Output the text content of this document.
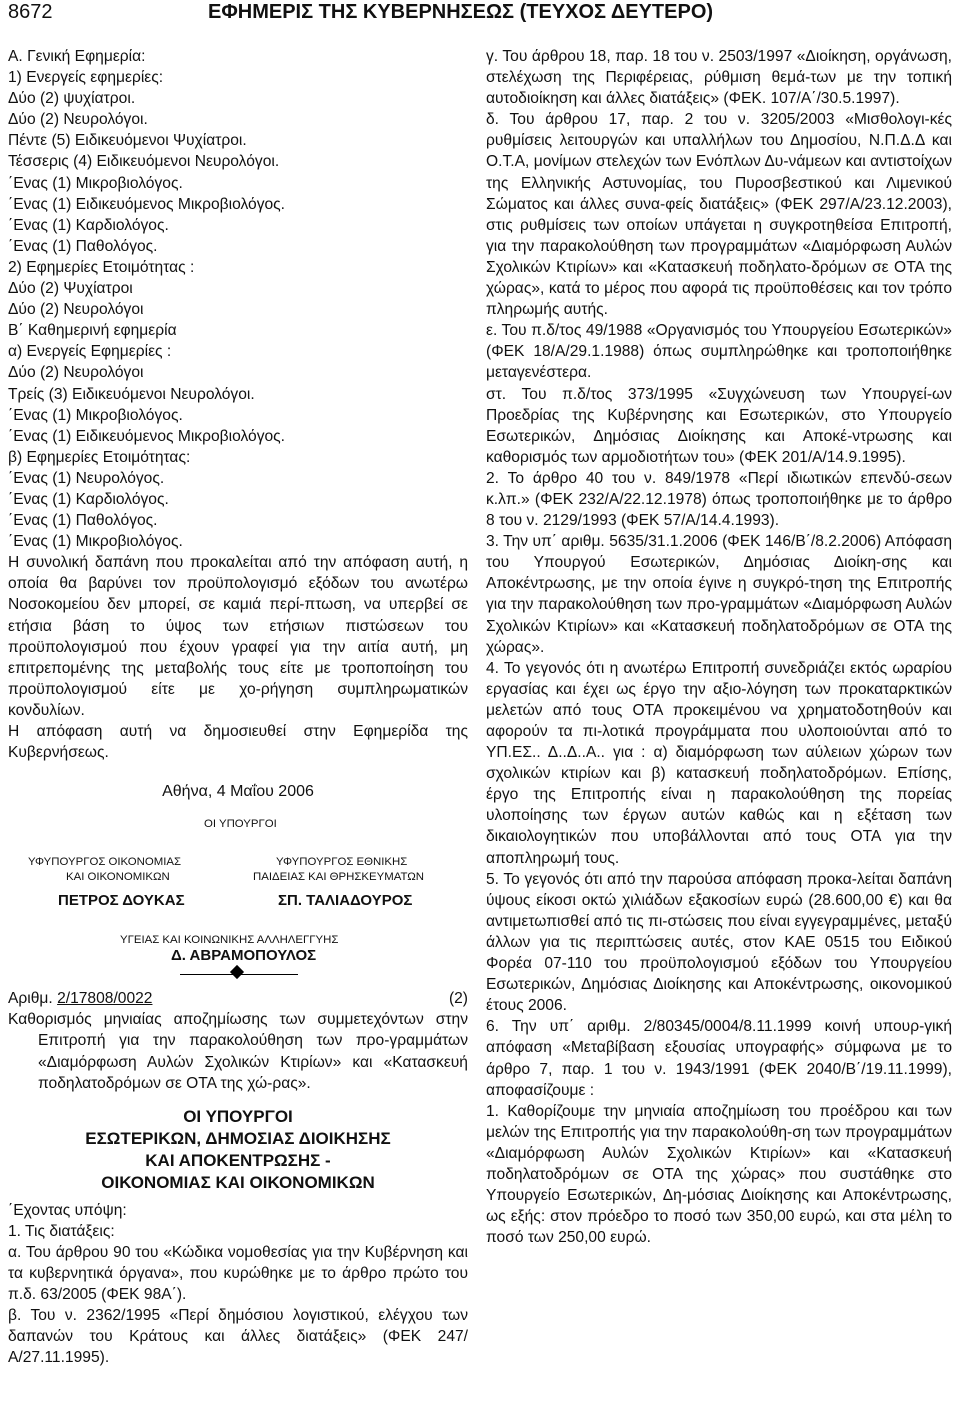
8672	ΕΦΗΜΕΡΙΣ ΤΗΣ ΚΥΒΕΡΝΗΣΕΩΣ (ΤΕΥΧΟΣ ΔΕΥΤΕΡΟ)

Α. Γενική Εφημερία:

1) Ενεργείς εφημερίες:

Δύο (2) ψυχίατροι.

Δύο (2) Νευρολόγοι.

Πέντε (5) Ειδικευόμενοι Ψυχίατροι.

Τέσσερις (4) Ειδικευόμενοι Νευρολόγοι.

΄Ενας (1) Μικροβιολόγος.

΄Ενας (1) Ειδικευόμενος Μικροβιολόγος.

΄Ενας (1) Καρδιολόγος.

΄Ενας (1) Παθολόγος.

2) Εφημερίες Ετοιμότητας :

Δύο (2) Ψυχίατροι

Δύο (2) Νευρολόγοι

Β΄ Καθημερινή εφημερία

α) Ενεργείς Εφημερίες :

Δύο (2) Νευρολόγοι

Τρείς (3) Ειδικευόμενοι Νευρολόγοι.

΄Ενας (1) Μικροβιολόγος.

΄Ενας (1) Ειδικευόμενος Μικροβιολόγος.

β) Εφημερίες Ετοιμότητας:

΄Ενας (1) Νευρολόγος.

΄Ενας (1) Καρδιολόγος.

΄Ενας (1) Παθολόγος.

΄Ενας (1) Μικροβιολόγος.

Η συνολική δαπάνη που προκαλείται από την απόφαση αυτή, η οποία θα βαρύνει τον προϋπολογισμό εξόδων του ανωτέρω Νοσοκομείου δεν μπορεί, σε καμιά περί-πτωση, να υπερβεί σε ετήσια βάση το ύψος των ετήσιων πιστώσεων του προϋπολογισμού που έχουν γραφεί για την αιτία αυτή, μη επιτρεπομένης της μεταβολής τους είτε με τροποποίηση του προϋπολογισμού είτε με χο-ρήγηση συμπληρωματικών κονδυλίων.

Η απόφαση αυτή να δημοσιευθεί στην Εφημερίδα της Κυβερνήσεως.

Αθήνα, 4 Μαΐου 2006

ΟΙ ΥΠΟΥΡΓΟΙ
ΥΦΥΠΟΥΡΓΟΣ ΟΙΚΟΝΟΜΙΑΣ
ΚΑΙ ΟΙΚΟΝΟΜΙΚΩΝ
ΠΕΤΡΟΣ ΔΟΥΚΑΣ
ΥΦΥΠΟΥΡΓΟΣ ΕΘΝΙΚΗΣ
ΠΑΙΔΕΙΑΣ ΚΑΙ ΘΡΗΣΚΕΥΜΑΤΩΝ
ΣΠ. ΤΑΛΙΑΔΟΥΡΟΣ
ΥΓΕΙΑΣ ΚΑΙ ΚΟΙΝΩΝΙΚΗΣ ΑΛΛΗΛΕΓΓΥΗΣ
Δ. ΑΒΡΑΜΟΠΟΥΛΟΣ

Αριθμ. 2/17808/0022	(2)

Καθορισμός μηνιαίας αποζημίωσης των συμμετεχόντων στην Επιτροπή για την παρακολούθηση των προ-γραμμάτων «Διαμόρφωση Αυλών Σχολικών Κτιρίων» και «Κατασκευή ποδηλατοδρόμων σε ΟΤΑ της χώ-ρας».

ΟΙ ΥΠΟΥΡΓΟΙ
ΕΣΩΤΕΡΙΚΩΝ, ΔΗΜΟΣΙΑΣ ΔΙΟΙΚΗΣΗΣ
ΚΑΙ ΑΠΟΚΕΝΤΡΩΣΗΣ -
ΟΙΚΟΝΟΜΙΑΣ ΚΑΙ ΟΙΚΟΝΟΜΙΚΩΝ

΄Εχοντας υπόψη:

1. Τις διατάξεις:

α. Του άρθρου 90 του «Κώδικα νομοθεσίας για την Κυβέρνηση και τα κυβερνητικά όργανα», που κυρώθηκε με το άρθρο πρώτο του π.δ. 63/2005 (ΦΕΚ 98Α΄).

β. Του ν. 2362/1995 «Περί δημόσιου λογιστικού, ελέγχου των δαπανών του Κράτους και άλλες διατάξεις» (ΦΕΚ 247/Α/27.11.1995).

γ. Του άρθρου 18, παρ. 18 του ν. 2503/1997 «Διοίκηση, οργάνωση, στελέχωση της Περιφέρειας, ρύθμιση θεμά-των με την τοπική αυτοδιοίκηση και άλλες διατάξεις» (ΦΕΚ. 107/Α΄/30.5.1997).

δ. Του άρθρου 17, παρ. 2 του ν. 3205/2003 «Μισθολογι-κές ρυθμίσεις λειτουργών και υπαλλήλων του Δημοσίου, Ν.Π.Δ.Δ και Ο.Τ.Α, μονίμων στελεχών των Ενόπλων Δυ-νάμεων και αντιστοίχων της Ελληνικής Αστυνομίας, του Πυροσβεστικού και Λιμενικού Σώματος και άλλες συνα-φείς διατάξεις» (ΦΕΚ 297/Α/23.12.2003), στις ρυθμίσεις των οποίων υπάγεται η συγκροτηθείσα Επιτροπή, για την παρακολούθηση των προγραμμάτων «Διαμόρφωση Αυλών Σχολικών Κτιρίων» και «Κατασκευή ποδηλατο-δρόμων σε ΟΤΑ της χώρας», κατά το μέρος που αφορά τις προϋποθέσεις και τον τρόπο πληρωμής αυτής.

ε. Του π.δ/τος 49/1988 «Οργανισμός του Υπουργείου Εσωτερικών» (ΦΕΚ 18/Α/29.1.1988) όπως συμπληρώθηκε και τροποποιήθηκε μεταγενέστερα.

στ. Του π.δ/τος 373/1995 «Συγχώνευση των Υπουργεί-ων Προεδρίας της Κυβέρνησης και Εσωτερικών, στο Υπουργείο Εσωτερικών, Δημόσιας Διοίκησης και Αποκέ-ντρωσης και καθορισμός των αρμοδιοτήτων του» (ΦΕΚ 201/Α/14.9.1995).

2. Το άρθρο 40 του ν. 849/1978 «Περί ιδιωτικών επενδύ-σεων κ.λπ.» (ΦΕΚ 232/Α/22.12.1978) όπως τροποποιήθηκε με το άρθρο 8 του ν. 2129/1993 (ΦΕΚ 57/Α/14.4.1993).

3. Την υπ΄ αριθμ. 5635/31.1.2006 (ΦΕΚ 146/Β΄/8.2.2006) Απόφαση του Υπουργού Εσωτερικών, Δημόσιας Διοίκη-σης και Αποκέντρωσης, με την οποία έγινε η συγκρό-τηση της Επιτροπής για την παρακολούθηση των προ-γραμμάτων «Διαμόρφωση Αυλών Σχολικών Κτιρίων» και «Κατασκευή ποδηλατοδρόμων σε ΟΤΑ της χώρας».

4. Το γεγονός ότι η ανωτέρω Επιτροπή συνεδριάζει εκτός ωραρίου εργασίας και έχει ως έργο την αξιο-λόγηση των προκαταρκτικών μελετών από τους ΟΤΑ προκειμένου να χρηματοδοτηθούν και αφορούν τα πι-λοτικά προγράμματα που υλοποιούνται από το ΥΠ.ΕΣ.. Δ..Δ..Α.. για : α) διαμόρφωση των αύλειων χώρων των σχολικών κτιρίων και β) κατασκευή ποδηλατοδρόμων. Επίσης, έργο της Επιτροπής είναι η παρακολούθηση της πορείας υλοποίησης των έργων αυτών καθώς και η εξέταση των δικαιολογητικών που υποβάλλονται από τους ΟΤΑ για την αποπληρωμή τους.

5. Το γεγονός ότι από την παρούσα απόφαση προκα-λείται δαπάνη ύψους είκοσι οκτώ χιλιάδων εξακοσίων ευρώ (28.600,00 €) και θα αντιμετωπισθεί από τις πι-στώσεις που είναι εγγεγραμμένες, μεταξύ άλλων για τις περιπτώσεις αυτές, στον ΚΑΕ 0515 του Ειδικού Φορέα 07-110 του προϋπολογισμού εξόδων του Υπουργείου Εσωτερικών, Δημόσιας Διοίκησης και Αποκέντρωσης, οικονομικού έτους 2006.

6. Την υπ΄ αριθμ. 2/80345/0004/8.11.1999 κοινή υπουρ-γική απόφαση «Μεταβίβαση εξουσίας υπογραφής» σύμφωνα με το άρθρο 7, παρ. 1 του ν. 1943/1991 (ΦΕΚ 2040/Β΄/19.11.1999), αποφασίζουμε :

1. Καθορίζουμε την μηνιαία αποζημίωση του προέδρου και των μελών της Επιτροπής για την παρακολούθη-ση των προγραμμάτων «Διαμόρφωση Αυλών Σχολικών Κτιρίων» και «Κατασκευή ποδηλατοδρόμων σε ΟΤΑ της χώρας» που συστάθηκε στο Υπουργείο Εσωτερικών, Δη-μόσιας Διοίκησης και Αποκέντρωσης, ως εξής: στον πρόεδρο το ποσό των 350,00 ευρώ, και στα μέλη το ποσό των 250,00 ευρώ.
